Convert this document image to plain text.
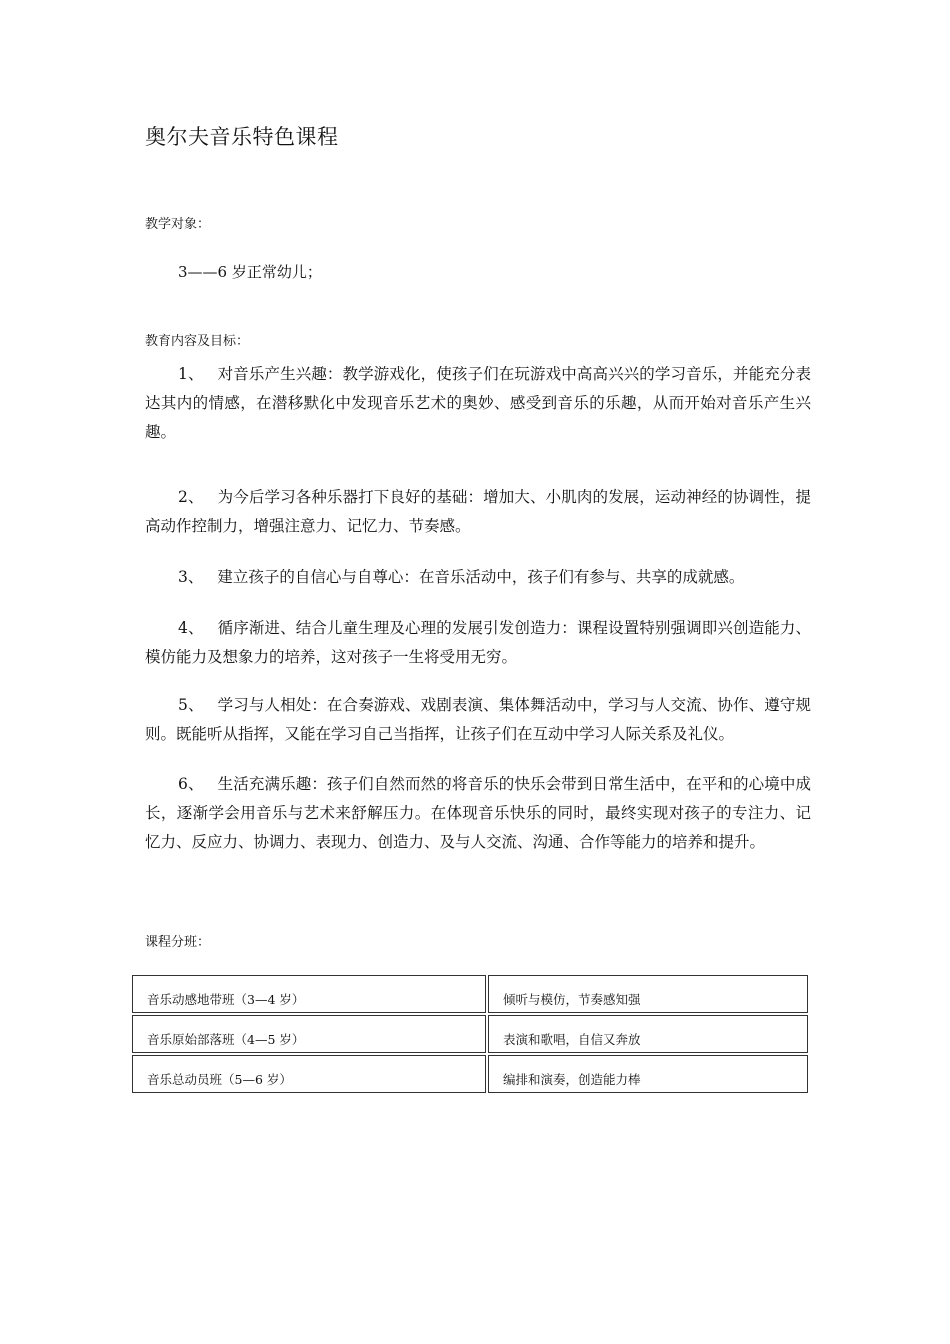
奥尔夫音乐特色课程
教学对象：
3——6 岁正常幼儿；
教育内容及目标：

1、 对音乐产生兴趣：教学游戏化，使孩子们在玩游戏中高高兴兴的学习音乐，并能充分表达其内的情感，在潜移默化中发现音乐艺术的奥妙、感受到音乐的乐趣，从而开始对音乐产生兴趣。

2、 为今后学习各种乐器打下良好的基础：增加大、小肌肉的发展，运动神经的协调性，提高动作控制力，增强注意力、记忆力、节奏感。

3、 建立孩子的自信心与自尊心：在音乐活动中，孩子们有参与、共享的成就感。

4、 循序渐进、结合儿童生理及心理的发展引发创造力：课程设置特别强调即兴创造能力、模仿能力及想象力的培养，这对孩子一生将受用无穷。

5、 学习与人相处：在合奏游戏、戏剧表演、集体舞活动中，学习与人交流、协作、遵守规则。既能听从指挥，又能在学习自己当指挥，让孩子们在互动中学习人际关系及礼仪。

6、 生活充满乐趣：孩子们自然而然的将音乐的快乐会带到日常生活中，在平和的心境中成长，逐渐学会用音乐与艺术来舒解压力。在体现音乐快乐的同时，最终实现对孩子的专注力、记忆力、反应力、协调力、表现力、创造力、及与人交流、沟通、合作等能力的培养和提升。

课程分班：
音乐动感地带班（3—4 岁）	倾听与模仿，节奏感知强
音乐原始部落班（4—5 岁）	表演和歌唱，自信又奔放
音乐总动员班（5—6 岁）	编排和演奏，创造能力棒
